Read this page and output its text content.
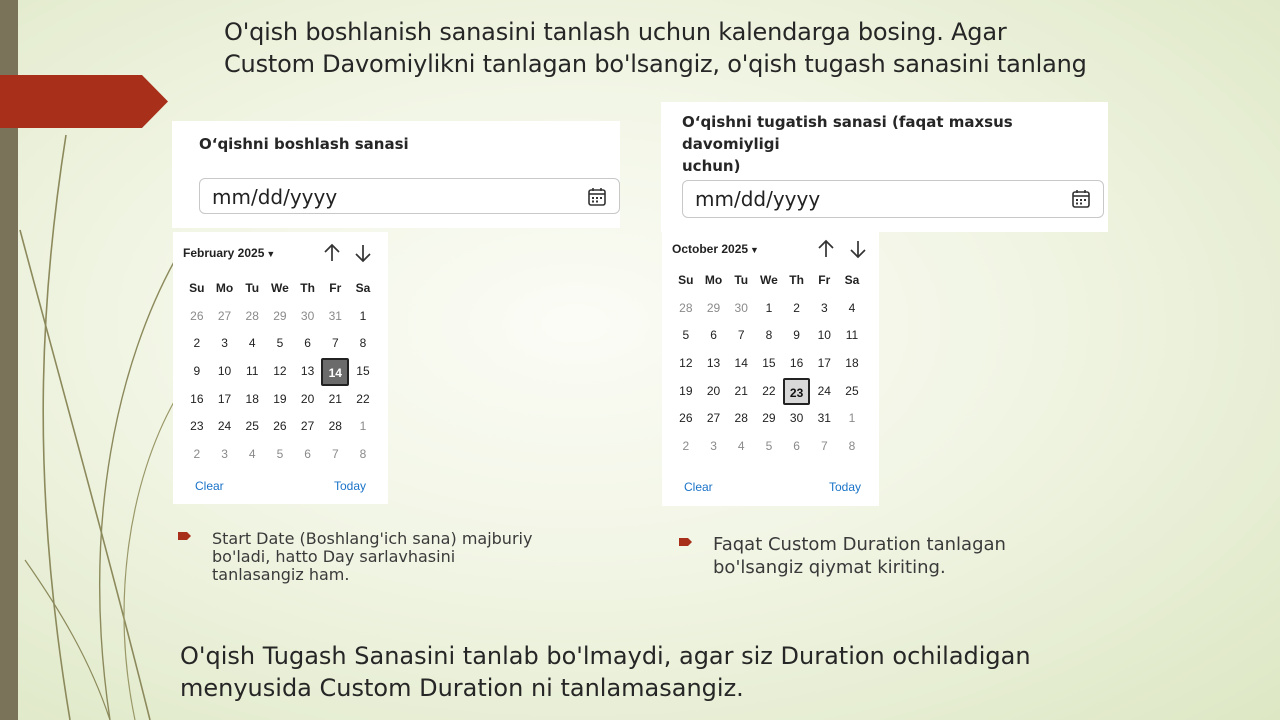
O'qish boshlanish sanasini tanlash uchun kalendarga bosing. Agar
Custom Davomiylikni tanlagan bo'lsangiz, o'qish tugash sanasini tanlang
O‘qishni boshlash sanasi
mm/dd/yyyy
O‘qishni tugatish sanasi (faqat maxsus davomiyligi
uchun)
mm/dd/yyyy
February 2025 ▼
Su Mo	Tu We Th	Fr	Sa
26	27	28	29	30	31	1
2	3	4	5	6	7	8
9	10	11	12	13	14	15
16	17	18	19	20	21	22
23	24	25	26	27	28	1
2	3	4	5	6	7	8
Clear	Today
October 2025 ▼
Su Mo	Tu We Th	Fr	Sa
28	29	30	1	2	3	4
5	6	7	8	9	10	11
12	13	14	15	16	17	18
19	20	21	22	23	24	25
26	27	28	29	30	31	1
2	3	4	5	6	7	8
Clear	Today
Start Date (Boshlang'ich sana) majburiy
bo'ladi, hatto Day sarlavhasini
tanlasangiz ham.
Faqat Custom Duration tanlagan
bo'lsangiz qiymat kiriting.
O'qish Tugash Sanasini tanlab bo'lmaydi, agar siz Duration ochiladigan
menyusida Custom Duration ni tanlamasangiz.
